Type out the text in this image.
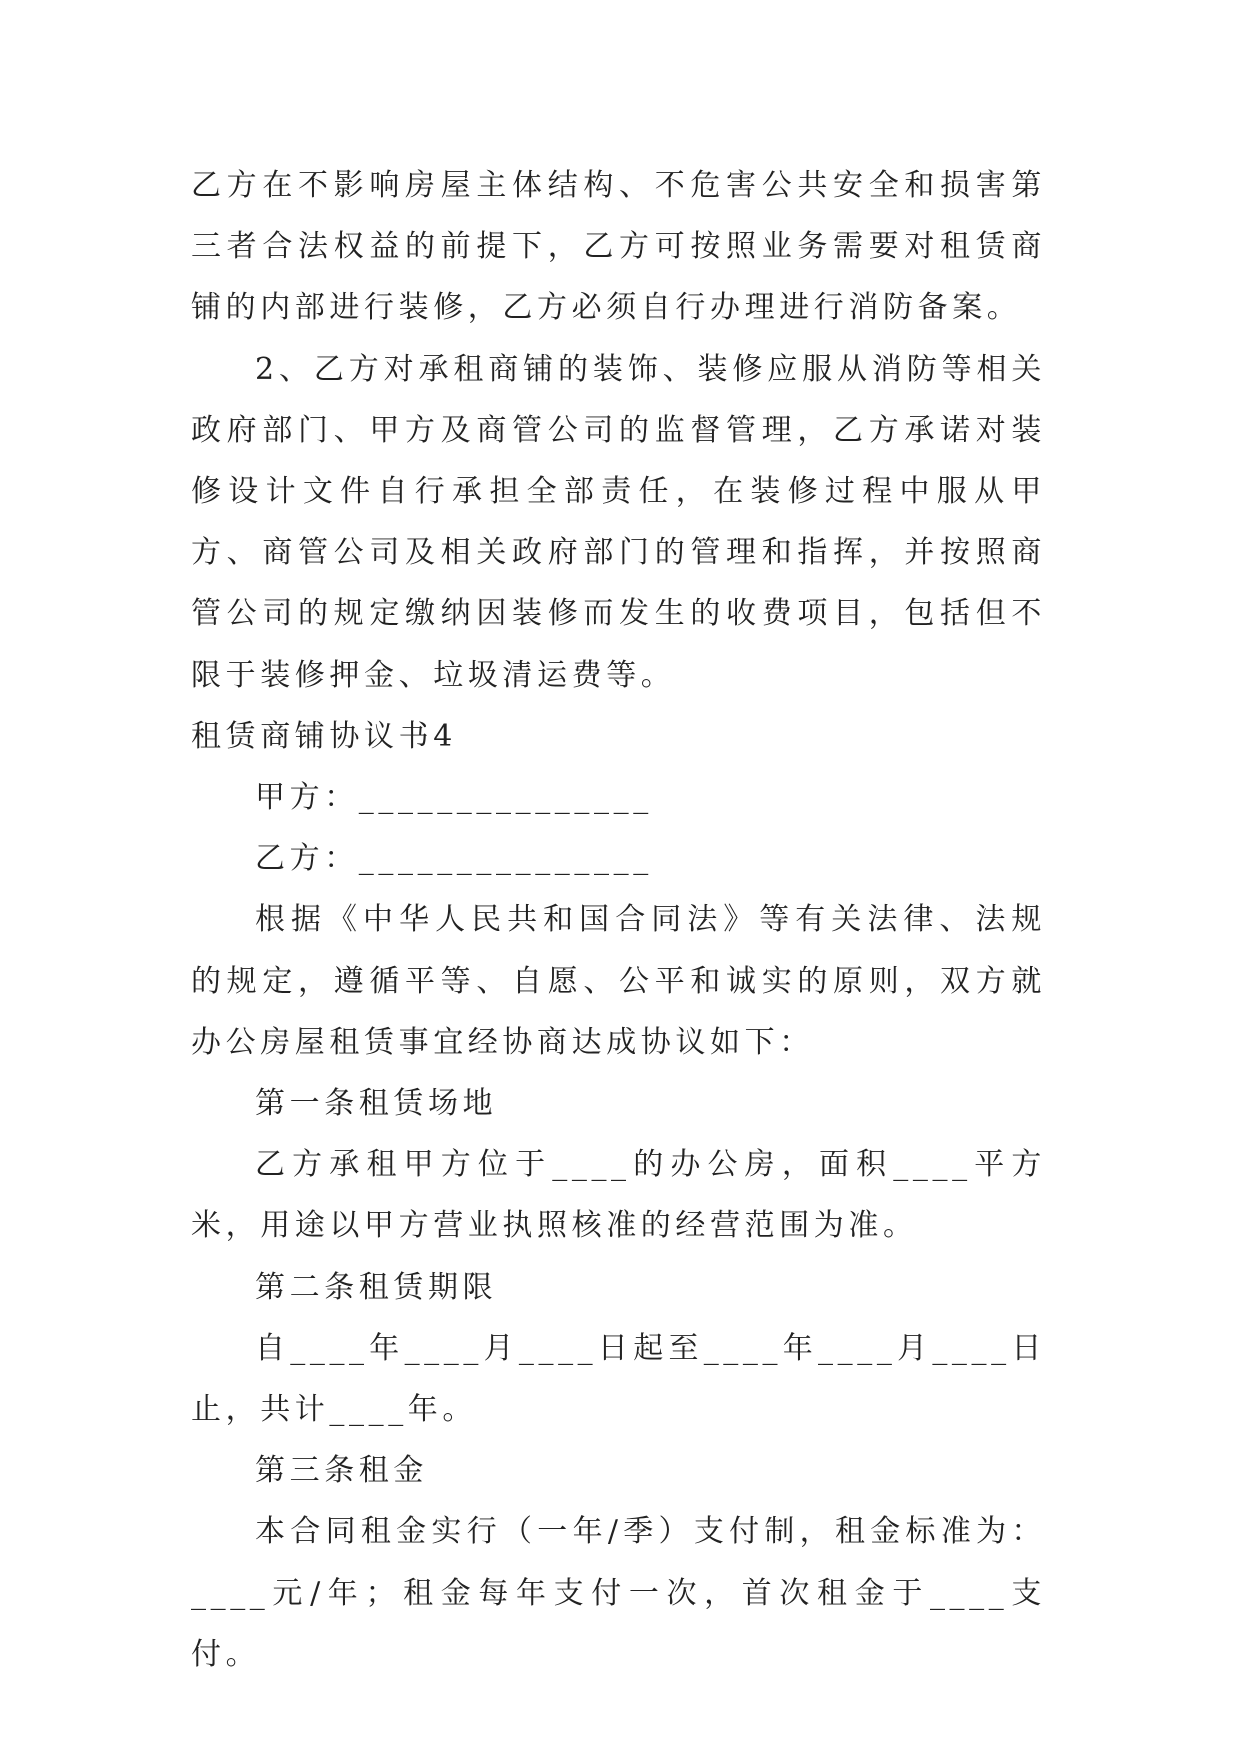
乙方在不影响房屋主体结构、不危害公共安全和损害第三者合法权益的前提下，乙方可按照业务需要对租赁商铺的内部进行装修，乙方必须自行办理进行消防备案。

2、乙方对承租商铺的装饰、装修应服从消防等相关政府部门、甲方及商管公司的监督管理，乙方承诺对装修设计文件自行承担全部责任，在装修过程中服从甲方、商管公司及相关政府部门的管理和指挥，并按照商管公司的规定缴纳因装修而发生的收费项目，包括但不限于装修押金、垃圾清运费等。

租赁商铺协议书4

甲方：_______________

乙方：_______________

根据《中华人民共和国合同法》等有关法律、法规的规定，遵循平等、自愿、公平和诚实的原则，双方就办公房屋租赁事宜经协商达成协议如下：

第一条租赁场地

乙方承租甲方位于____的办公房，面积____平方米，用途以甲方营业执照核准的经营范围为准。

第二条租赁期限

自____年____月____日起至____年____月____日止，共计____年。

第三条租金

本合同租金实行（一年/季）支付制，租金标准为：____元/年；租金每年支付一次，首次租金于____支付。
